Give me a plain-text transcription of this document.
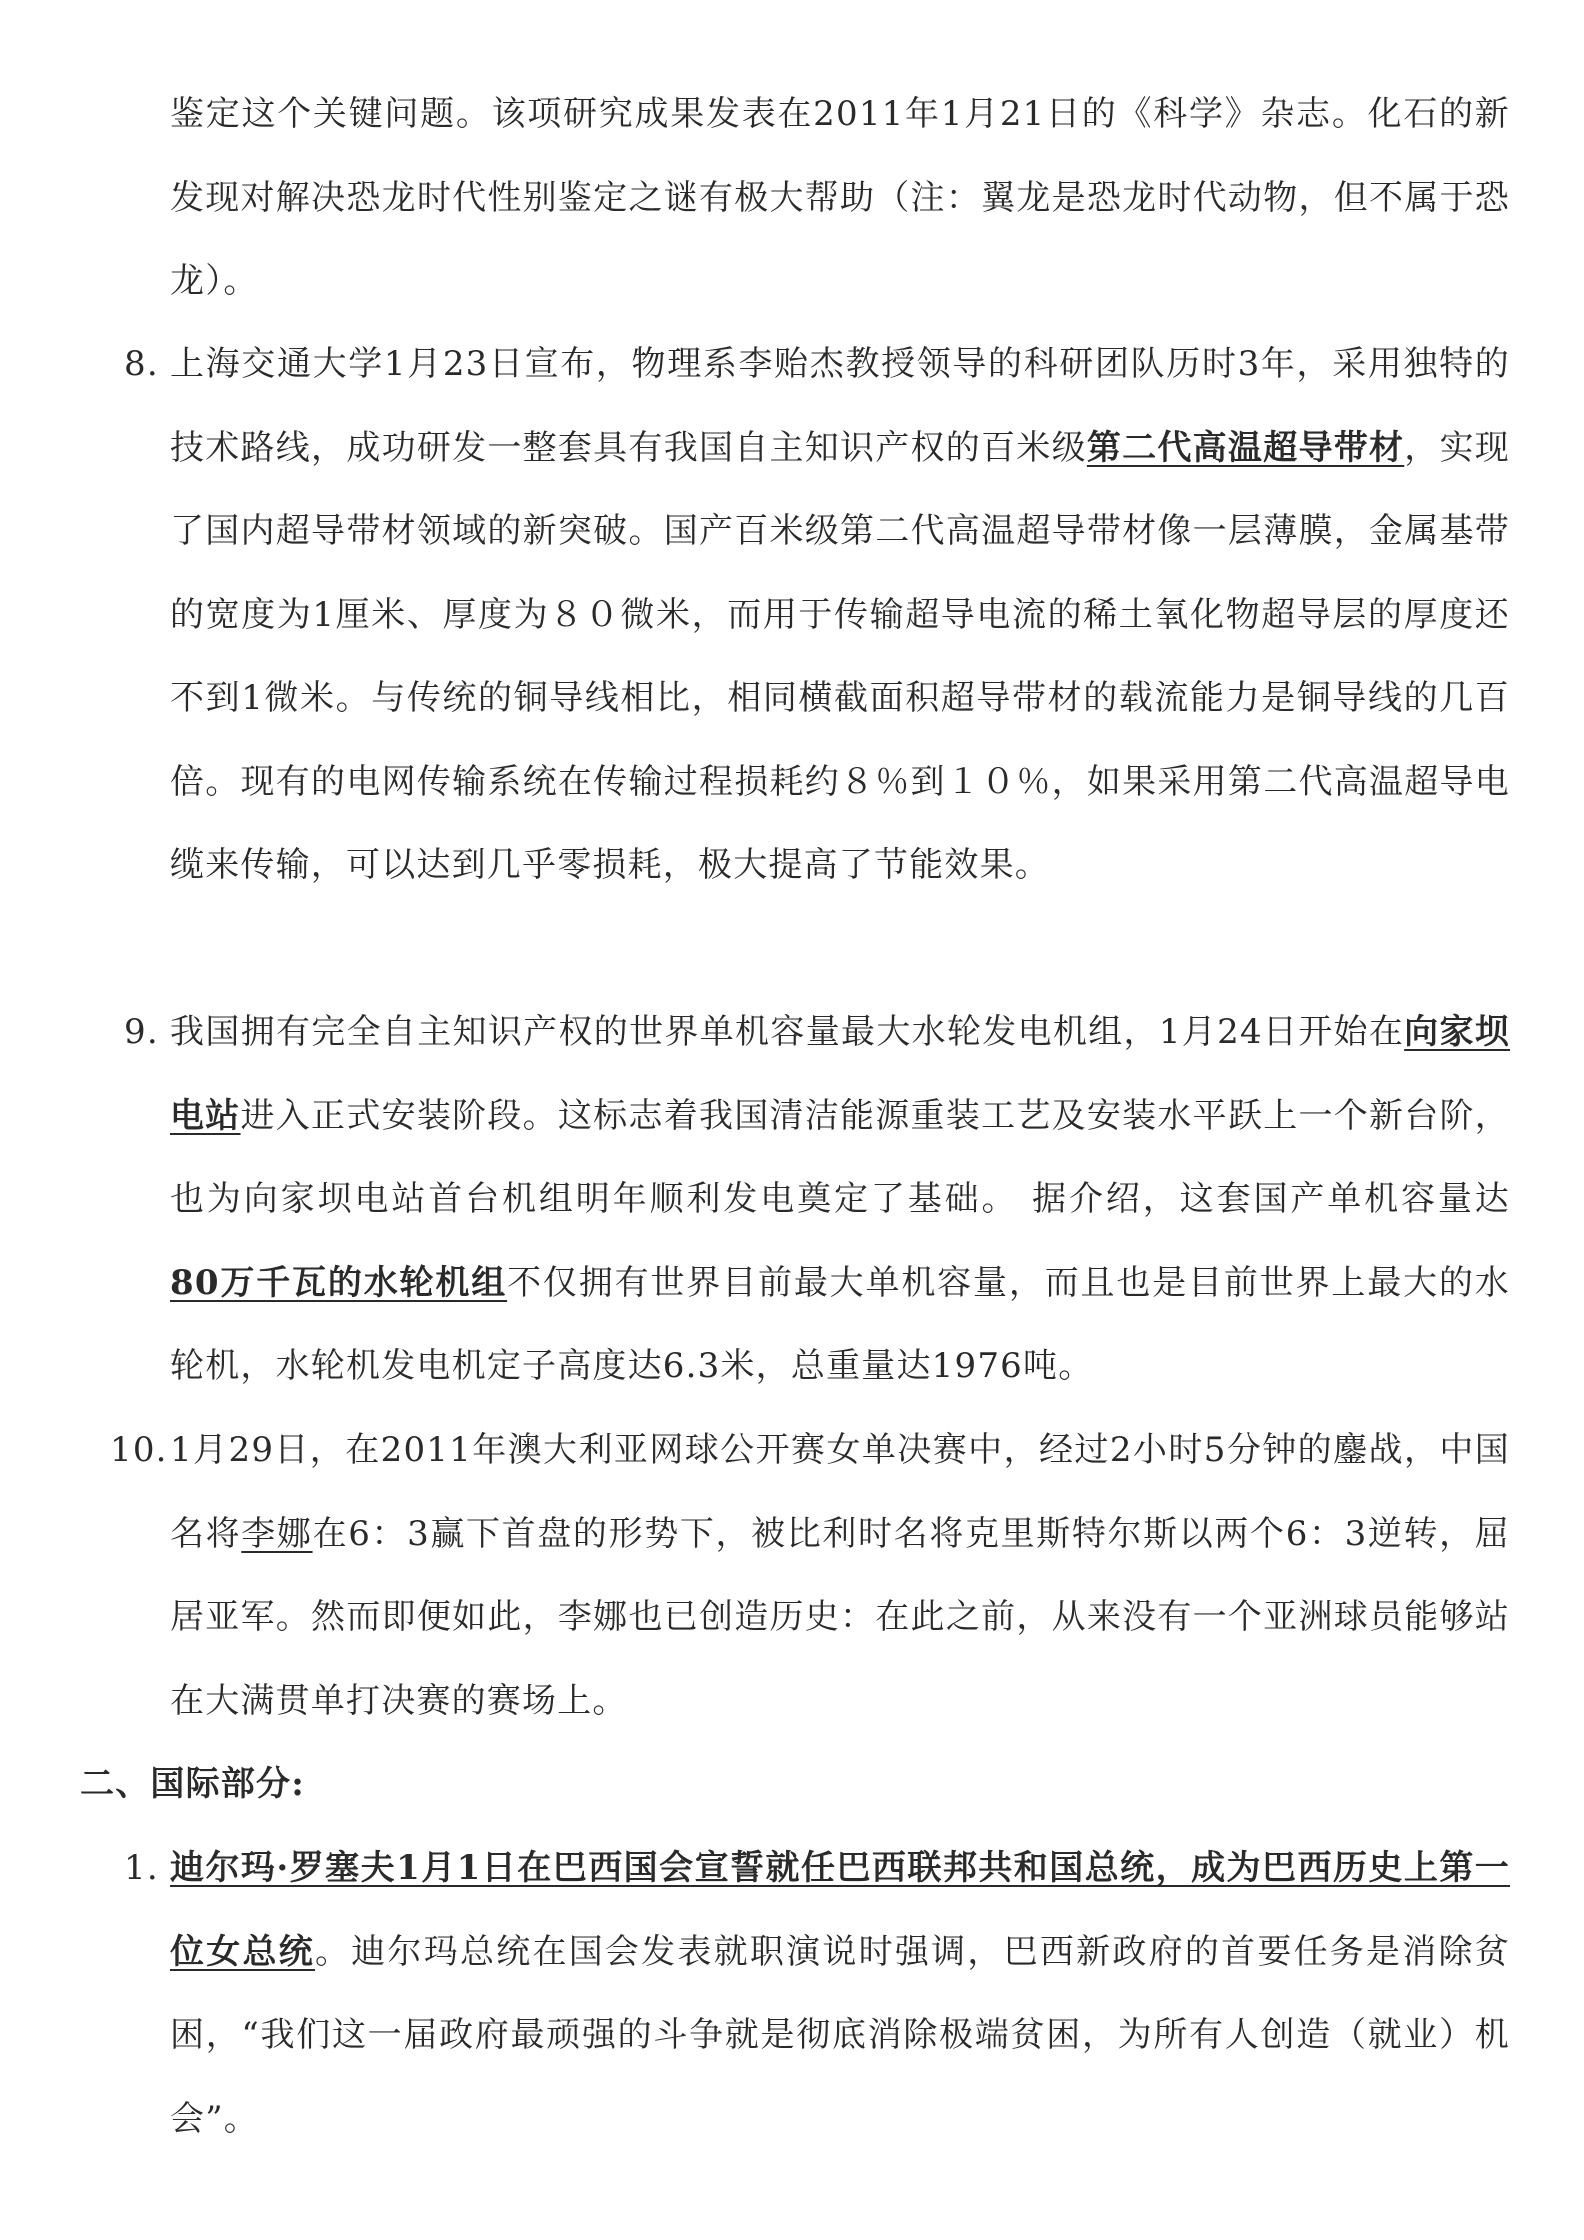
鉴定这个关键问题。该项研究成果发表在2011年1月21日的《科学》杂志。化石的新发现对解决恐龙时代性别鉴定之谜有极大帮助（注：翼龙是恐龙时代动物，但不属于恐龙）。

8. 上海交通大学1月23日宣布，物理系李贻杰教授领导的科研团队历时3年，采用独特的技术路线，成功研发一整套具有我国自主知识产权的百米级第二代高温超导带材，实现了国内超导带材领域的新突破。国产百米级第二代高温超导带材像一层薄膜，金属基带的宽度为1厘米、厚度为８０微米，而用于传输超导电流的稀土氧化物超导层的厚度还不到1微米。与传统的铜导线相比，相同横截面积超导带材的载流能力是铜导线的几百倍。现有的电网传输系统在传输过程损耗约８％到１０％，如果采用第二代高温超导电缆来传输，可以达到几乎零损耗，极大提高了节能效果。
9. 我国拥有完全自主知识产权的世界单机容量最大水轮发电机组，1月24日开始在向家坝电站进入正式安装阶段。这标志着我国清洁能源重装工艺及安装水平跃上一个新台阶，也为向家坝电站首台机组明年顺利发电奠定了基础。 据介绍，这套国产单机容量达 80万千瓦的水轮机组不仅拥有世界目前最大单机容量，而且也是目前世界上最大的水轮机，水轮机发电机定子高度达6.3米，总重量达1976吨。
10. 1月29日，在2011年澳大利亚网球公开赛女单决赛中，经过2小时5分钟的鏖战，中国名将李娜在6：3赢下首盘的形势下，被比利时名将克里斯特尔斯以两个6：3逆转，屈居亚军。然而即便如此，李娜也已创造历史：在此之前，从来没有一个亚洲球员能够站在大满贯单打决赛的赛场上。
二、国际部分:
1. 迪尔玛·罗塞夫1月1日在巴西国会宣誓就任巴西联邦共和国总统，成为巴西历史上第一位女总统。迪尔玛总统在国会发表就职演说时强调，巴西新政府的首要任务是消除贫困，“我们这一届政府最顽强的斗争就是彻底消除极端贫困，为所有人创造（就业）机会”。
